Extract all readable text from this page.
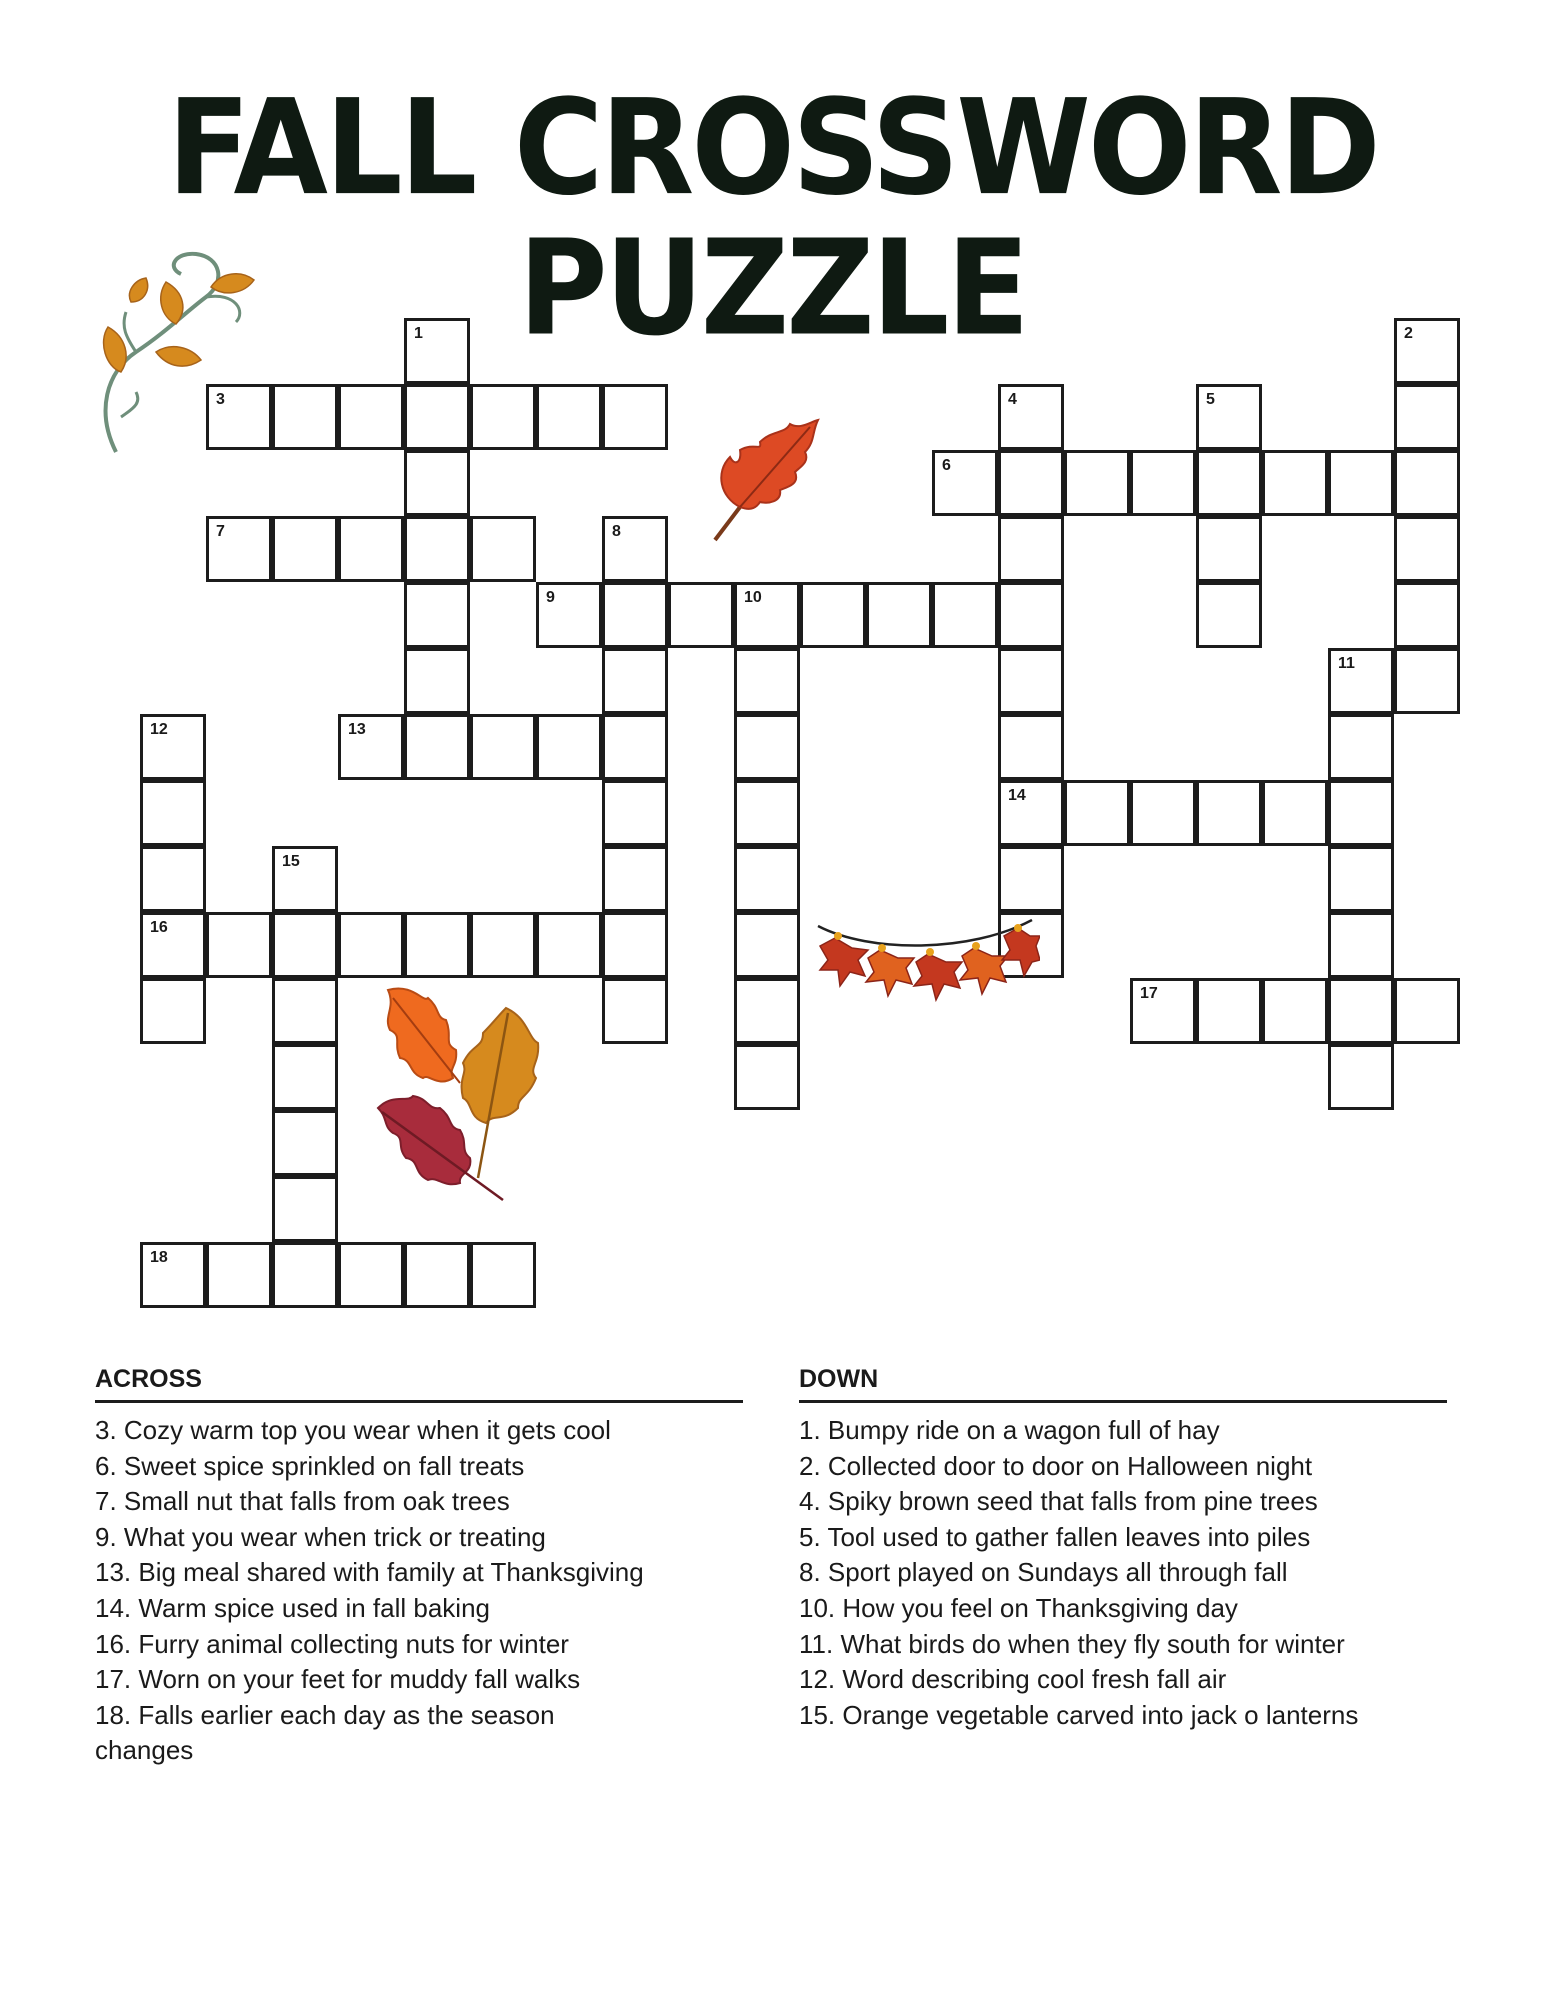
FALL CROSSWORD PUZZLE
1	2
3	4
14
5
6
7	8
9	10
11
12
16
13
15
17
18
ACROSS
3. Cozy warm top you wear when it gets cool
6. Sweet spice sprinkled on fall treats
7. Small nut that falls from oak trees
9. What you wear when trick or treating
13. Big meal shared with family at Thanksgiving
14. Warm spice used in fall baking
16. Furry animal collecting nuts for winter
17. Worn on your feet for muddy fall walks
18. Falls earlier each day as the season changes
DOWN
1. Bumpy ride on a wagon full of hay
2. Collected door to door on Halloween night
4. Spiky brown seed that falls from pine trees
5. Tool used to gather fallen leaves into piles
8. Sport played on Sundays all through fall
10. How you feel on Thanksgiving day
11. What birds do when they fly south for winter
12. Word describing cool fresh fall air
15. Orange vegetable carved into jack o lanterns
